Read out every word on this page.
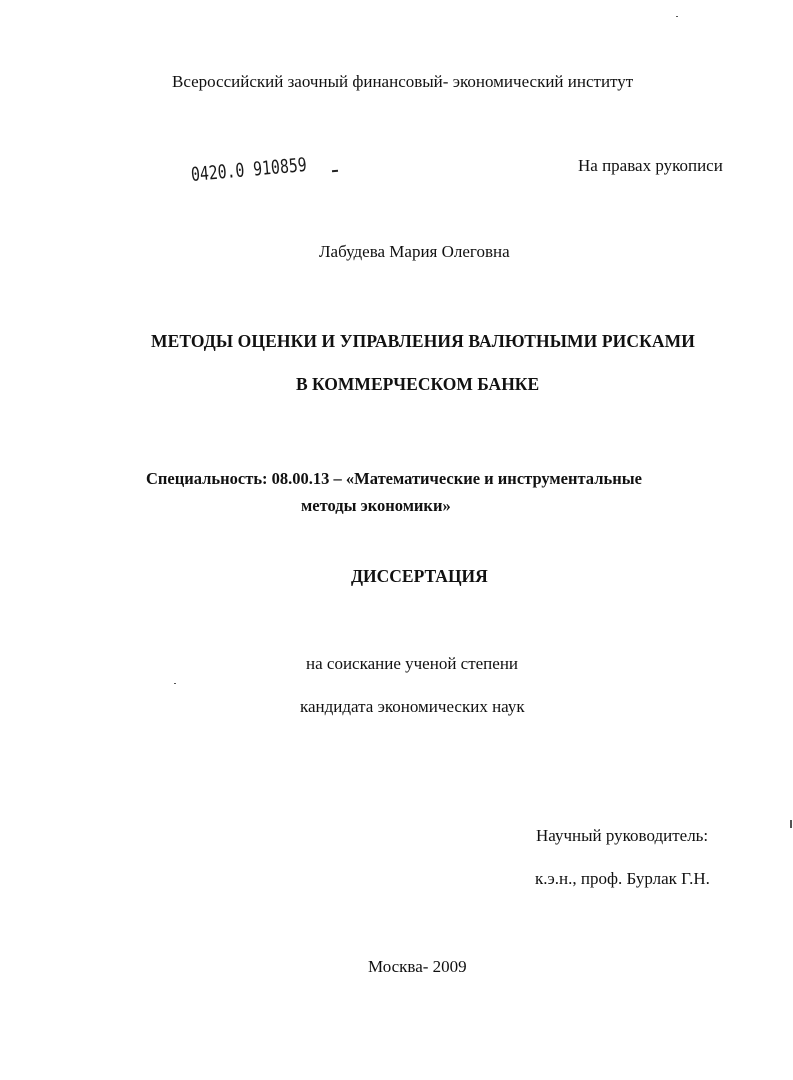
Всероссийский заочный финансовый- экономический институт
На правах рукописи
0420.0 910859
Лабудева Мария Олеговна
МЕТОДЫ ОЦЕНКИ И УПРАВЛЕНИЯ ВАЛЮТНЫМИ РИСКАМИ
В КОММЕРЧЕСКОМ БАНКЕ
Специальность: 08.00.13 – «Математические и инструментальные
методы экономики»
ДИССЕРТАЦИЯ
на соискание ученой степени
кандидата экономических наук
Научный руководитель:
к.э.н., проф. Бурлак Г.Н.
Москва- 2009
